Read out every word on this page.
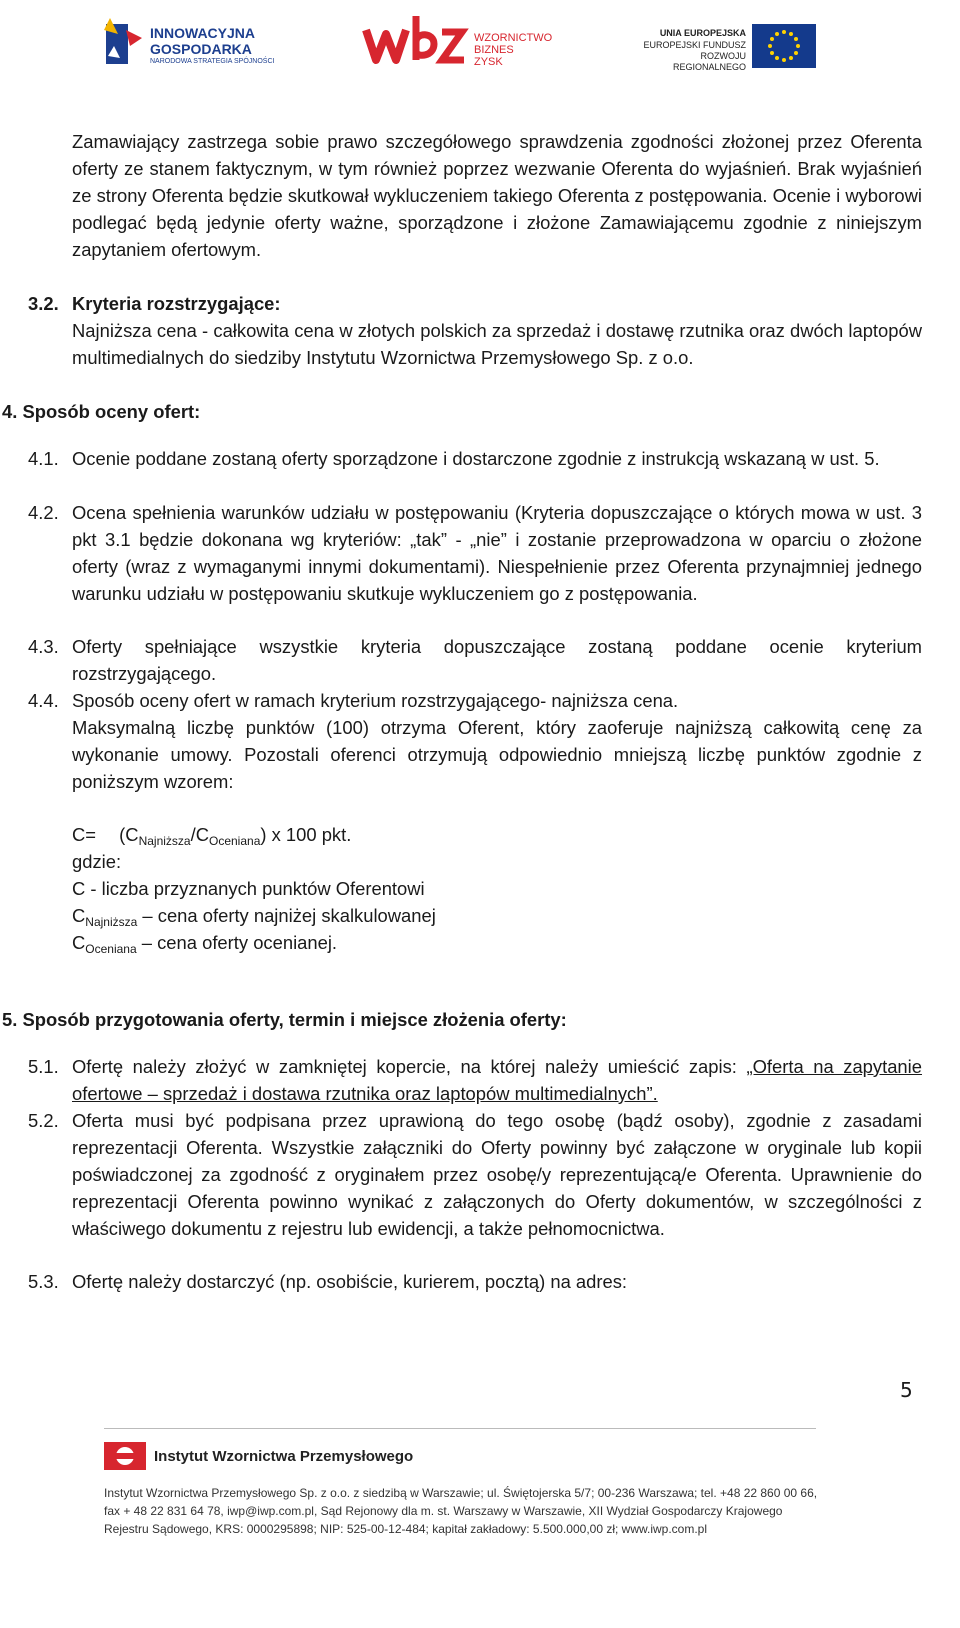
INNOWACYJNA
GOSPODARKA
NARODOWA STRATEGIA SPÓJNOŚCI
WZORNICTWO
BIZNES
ZYSK
UNIA EUROPEJSKA
EUROPEJSKI FUNDUSZ
ROZWOJU REGIONALNEGO
Zamawiający zastrzega sobie prawo szczegółowego sprawdzenia zgodności złożonej przez Oferenta oferty ze stanem faktycznym, w tym również poprzez wezwanie Oferenta do wyjaśnień. Brak wyjaśnień ze strony Oferenta będzie skutkował wykluczeniem takiego Oferenta z postępowania. Ocenie i wyborowi podlegać będą jedynie oferty ważne, sporządzone i złożone Zamawiającemu zgodnie z niniejszym zapytaniem ofertowym.
3.2. Kryteria rozstrzygające:
Najniższa cena - całkowita cena w złotych polskich za sprzedaż i dostawę rzutnika oraz dwóch laptopów multimedialnych do siedziby Instytutu Wzornictwa Przemysłowego Sp. z o.o.
4. Sposób oceny ofert:
4.1. Ocenie poddane zostaną oferty sporządzone i dostarczone zgodnie z instrukcją wskazaną w ust. 5.
4.2. Ocena spełnienia warunków udziału w postępowaniu (Kryteria dopuszczające o których mowa w ust. 3 pkt 3.1 będzie dokonana wg kryteriów: „tak” - „nie” i zostanie przeprowadzona w oparciu o złożone oferty (wraz z wymaganymi innymi dokumentami). Niespełnienie przez Oferenta przynajmniej jednego warunku udziału w postępowaniu skutkuje wykluczeniem go z postępowania.
4.3. Oferty spełniające wszystkie kryteria dopuszczające zostaną poddane ocenie kryterium rozstrzygającego.
4.4. Sposób oceny ofert w ramach kryterium rozstrzygającego- najniższa cena.
Maksymalną liczbę punktów (100) otrzyma Oferent, który zaoferuje najniższą całkowitą cenę za wykonanie umowy. Pozostali oferenci otrzymują odpowiednio mniejszą liczbę punktów zgodnie z poniższym wzorem:
$C= (C_{Najniższa}/C_{Oceniana})$ x 100 pkt.
gdzie:
C - liczba przyznanych punktów Oferentowi
$C_{Najniższa}$ – cena oferty najniżej skalkulowanej
$C_{Oceniana}$ – cena oferty ocenianej.
5. Sposób przygotowania oferty, termin i miejsce złożenia oferty:
5.1. Ofertę należy złożyć w zamkniętej kopercie, na której należy umieścić zapis: „Oferta na zapytanie ofertowe – sprzedaż i dostawa rzutnika oraz laptopów multimedialnych”.
5.2. Oferta musi być podpisana przez uprawioną do tego osobę (bądź osoby), zgodnie z zasadami reprezentacji Oferenta. Wszystkie załączniki do Oferty powinny być załączone w oryginale lub kopii poświadczonej za zgodność z oryginałem przez osobę/y reprezentującą/e Oferenta. Uprawnienie do reprezentacji Oferenta powinno wynikać z załączonych do Oferty dokumentów, w szczególności z właściwego dokumentu z rejestru lub ewidencji, a także pełnomocnictwa.
5.3. Ofertę należy dostarczyć (np. osobiście, kurierem, pocztą) na adres:
5
Instytut Wzornictwa Przemysłowego
Instytut Wzornictwa Przemysłowego Sp. z o.o. z siedzibą w Warszawie; ul. Świętojerska 5/7; 00-236 Warszawa; tel. +48 22 860 00 66,
fax + 48 22 831 64 78, iwp@iwp.com.pl, Sąd Rejonowy dla m. st. Warszawy w Warszawie, XII Wydział Gospodarczy Krajowego
Rejestru Sądowego, KRS: 0000295898; NIP: 525-00-12-484; kapitał zakładowy: 5.500.000,00 zł; www.iwp.com.pl
